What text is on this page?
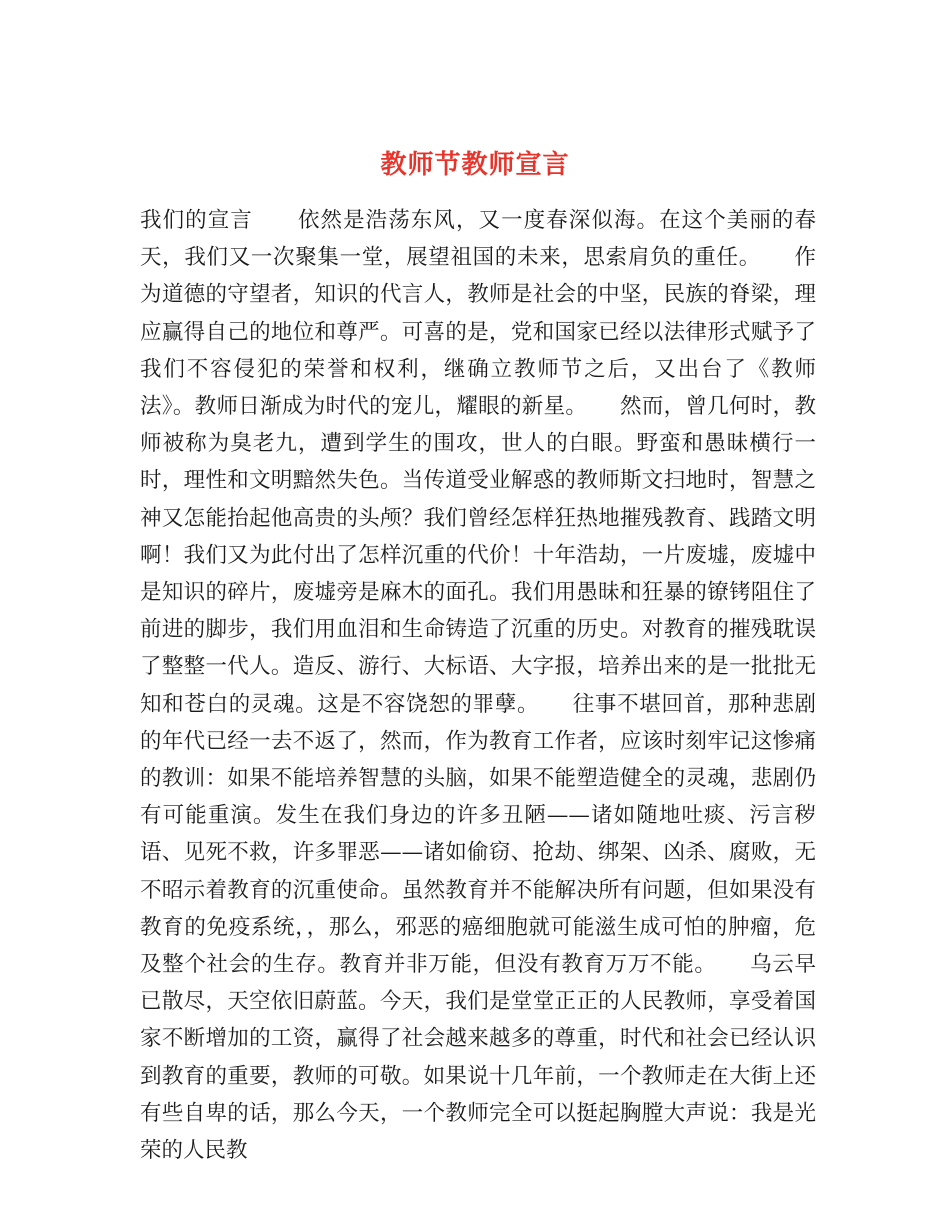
教师节教师宣言
我们的宣言　　依然是浩荡东风，又一度春深似海。在这个美丽的春天，我们又一次聚集一堂，展望祖国的未来，思索肩负的重任。　　作为道德的守望者，知识的代言人，教师是社会的中坚，民族的脊梁，理应赢得自己的地位和尊严。可喜的是，党和国家已经以法律形式赋予了我们不容侵犯的荣誉和权利，继确立教师节之后，又出台了《教师法》。教师日渐成为时代的宠儿，耀眼的新星。　　然而，曾几何时，教师被称为臭老九，遭到学生的围攻，世人的白眼。野蛮和愚昧横行一时，理性和文明黯然失色。当传道受业解惑的教师斯文扫地时，智慧之神又怎能抬起他高贵的头颅？我们曾经怎样狂热地摧残教育、践踏文明啊！我们又为此付出了怎样沉重的代价！十年浩劫，一片废墟，废墟中是知识的碎片，废墟旁是麻木的面孔。我们用愚昧和狂暴的镣铐阻住了前进的脚步，我们用血泪和生命铸造了沉重的历史。对教育的摧残耽误了整整一代人。造反、游行、大标语、大字报，培养出来的是一批批无知和苍白的灵魂。这是不容饶恕的罪孽。　　往事不堪回首，那种悲剧的年代已经一去不返了，然而，作为教育工作者，应该时刻牢记这惨痛的教训：如果不能培养智慧的头脑，如果不能塑造健全的灵魂，悲剧仍有可能重演。发生在我们身边的许多丑陋——诸如随地吐痰、污言秽语、见死不救，许多罪恶——诸如偷窃、抢劫、绑架、凶杀、腐败，无不昭示着教育的沉重使命。虽然教育并不能解决所有问题，但如果没有教育的免疫系统，，那么，邪恶的癌细胞就可能滋生成可怕的肿瘤，危及整个社会的生存。教育并非万能，但没有教育万万不能。　　乌云早已散尽，天空依旧蔚蓝。今天，我们是堂堂正正的人民教师，享受着国家不断增加的工资，赢得了社会越来越多的尊重，时代和社会已经认识到教育的重要，教师的可敬。如果说十几年前，一个教师走在大街上还有些自卑的话，那么今天，一个教师完全可以挺起胸膛大声说：我是光荣的人民教
